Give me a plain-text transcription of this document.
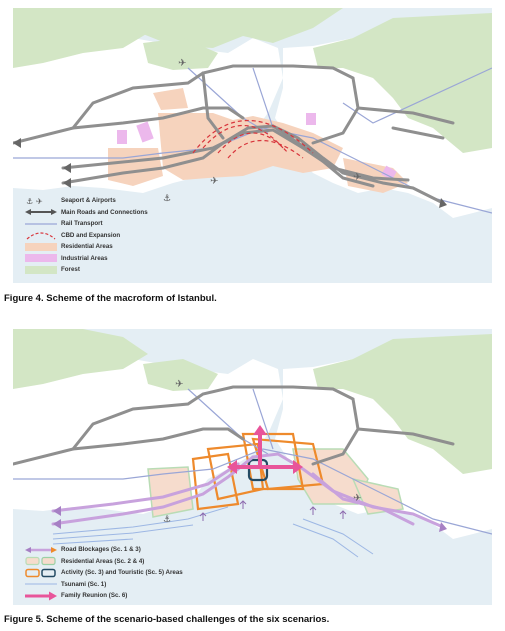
✈
✈	✈
⚓
⚓ ✈	Seaport & Airports
Main Roads and Connections
Rail Transport
CBD and Expansion
Residential Areas
Industrial Areas
Forest
Figure 4. Scheme of the macroform of Istanbul.
✈
✈
⚓
Road Blockages (Sc. 1 & 3)
Residential Areas (Sc. 2 & 4)
Activity (Sc. 3) and Touristic (Sc. 5) Areas
Tsunami (Sc. 1)
Family Reunion (Sc. 6)
Figure 5. Scheme of the scenario-based challenges of the six scenarios.
